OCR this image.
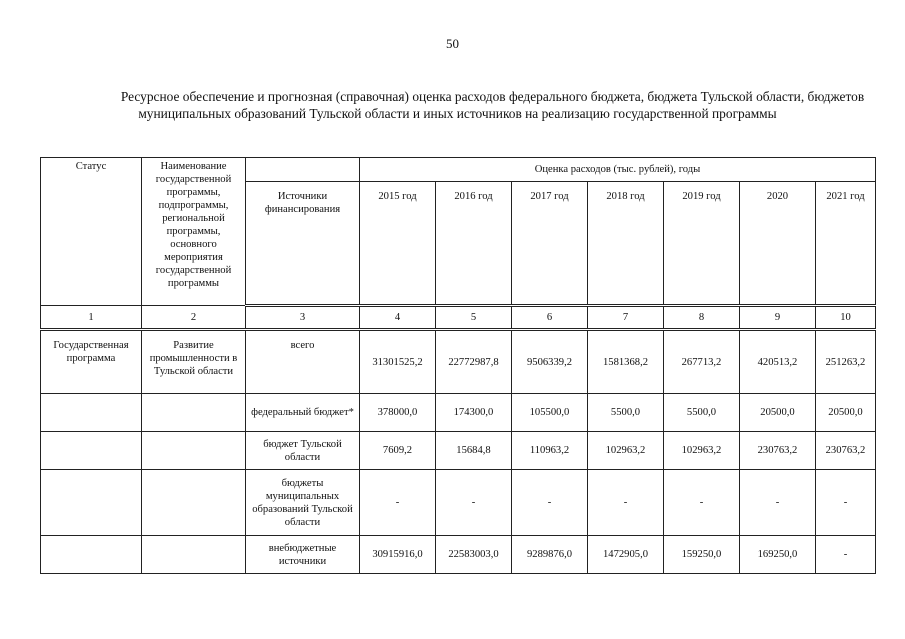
50
Ресурсное обеспечение и прогнозная (справочная) оценка расходов федерального бюджета, бюджета Тульской области, бюджетов муниципальных образований Тульской области и иных источников на реализацию государственной программы
Статус	Наименование государственной программы, подпрограммы, региональной программы, основного мероприятия государственной программы		Оценка расходов (тыс. рублей), годы						
		Источники финансирования	2015 год	2016 год	2017 год	2018 год	2019 год	2020	2021 год
1	2	3	4	5	6	7	8	9	10
Государственная программа	Развитие промышленности в Тульской области	всего	31301525,2	22772987,8	9506339,2	1581368,2	267713,2	420513,2	251263,2
		федеральный бюджет*	378000,0	174300,0	105500,0	5500,0	5500,0	20500,0	20500,0
		бюджет Тульской области	7609,2	15684,8	110963,2	102963,2	102963,2	230763,2	230763,2
		бюджеты муниципальных образований Тульской области	-	-	-	-	-	-	-
		внебюджетные источники	30915916,0	22583003,0	9289876,0	1472905,0	159250,0	169250,0	-
